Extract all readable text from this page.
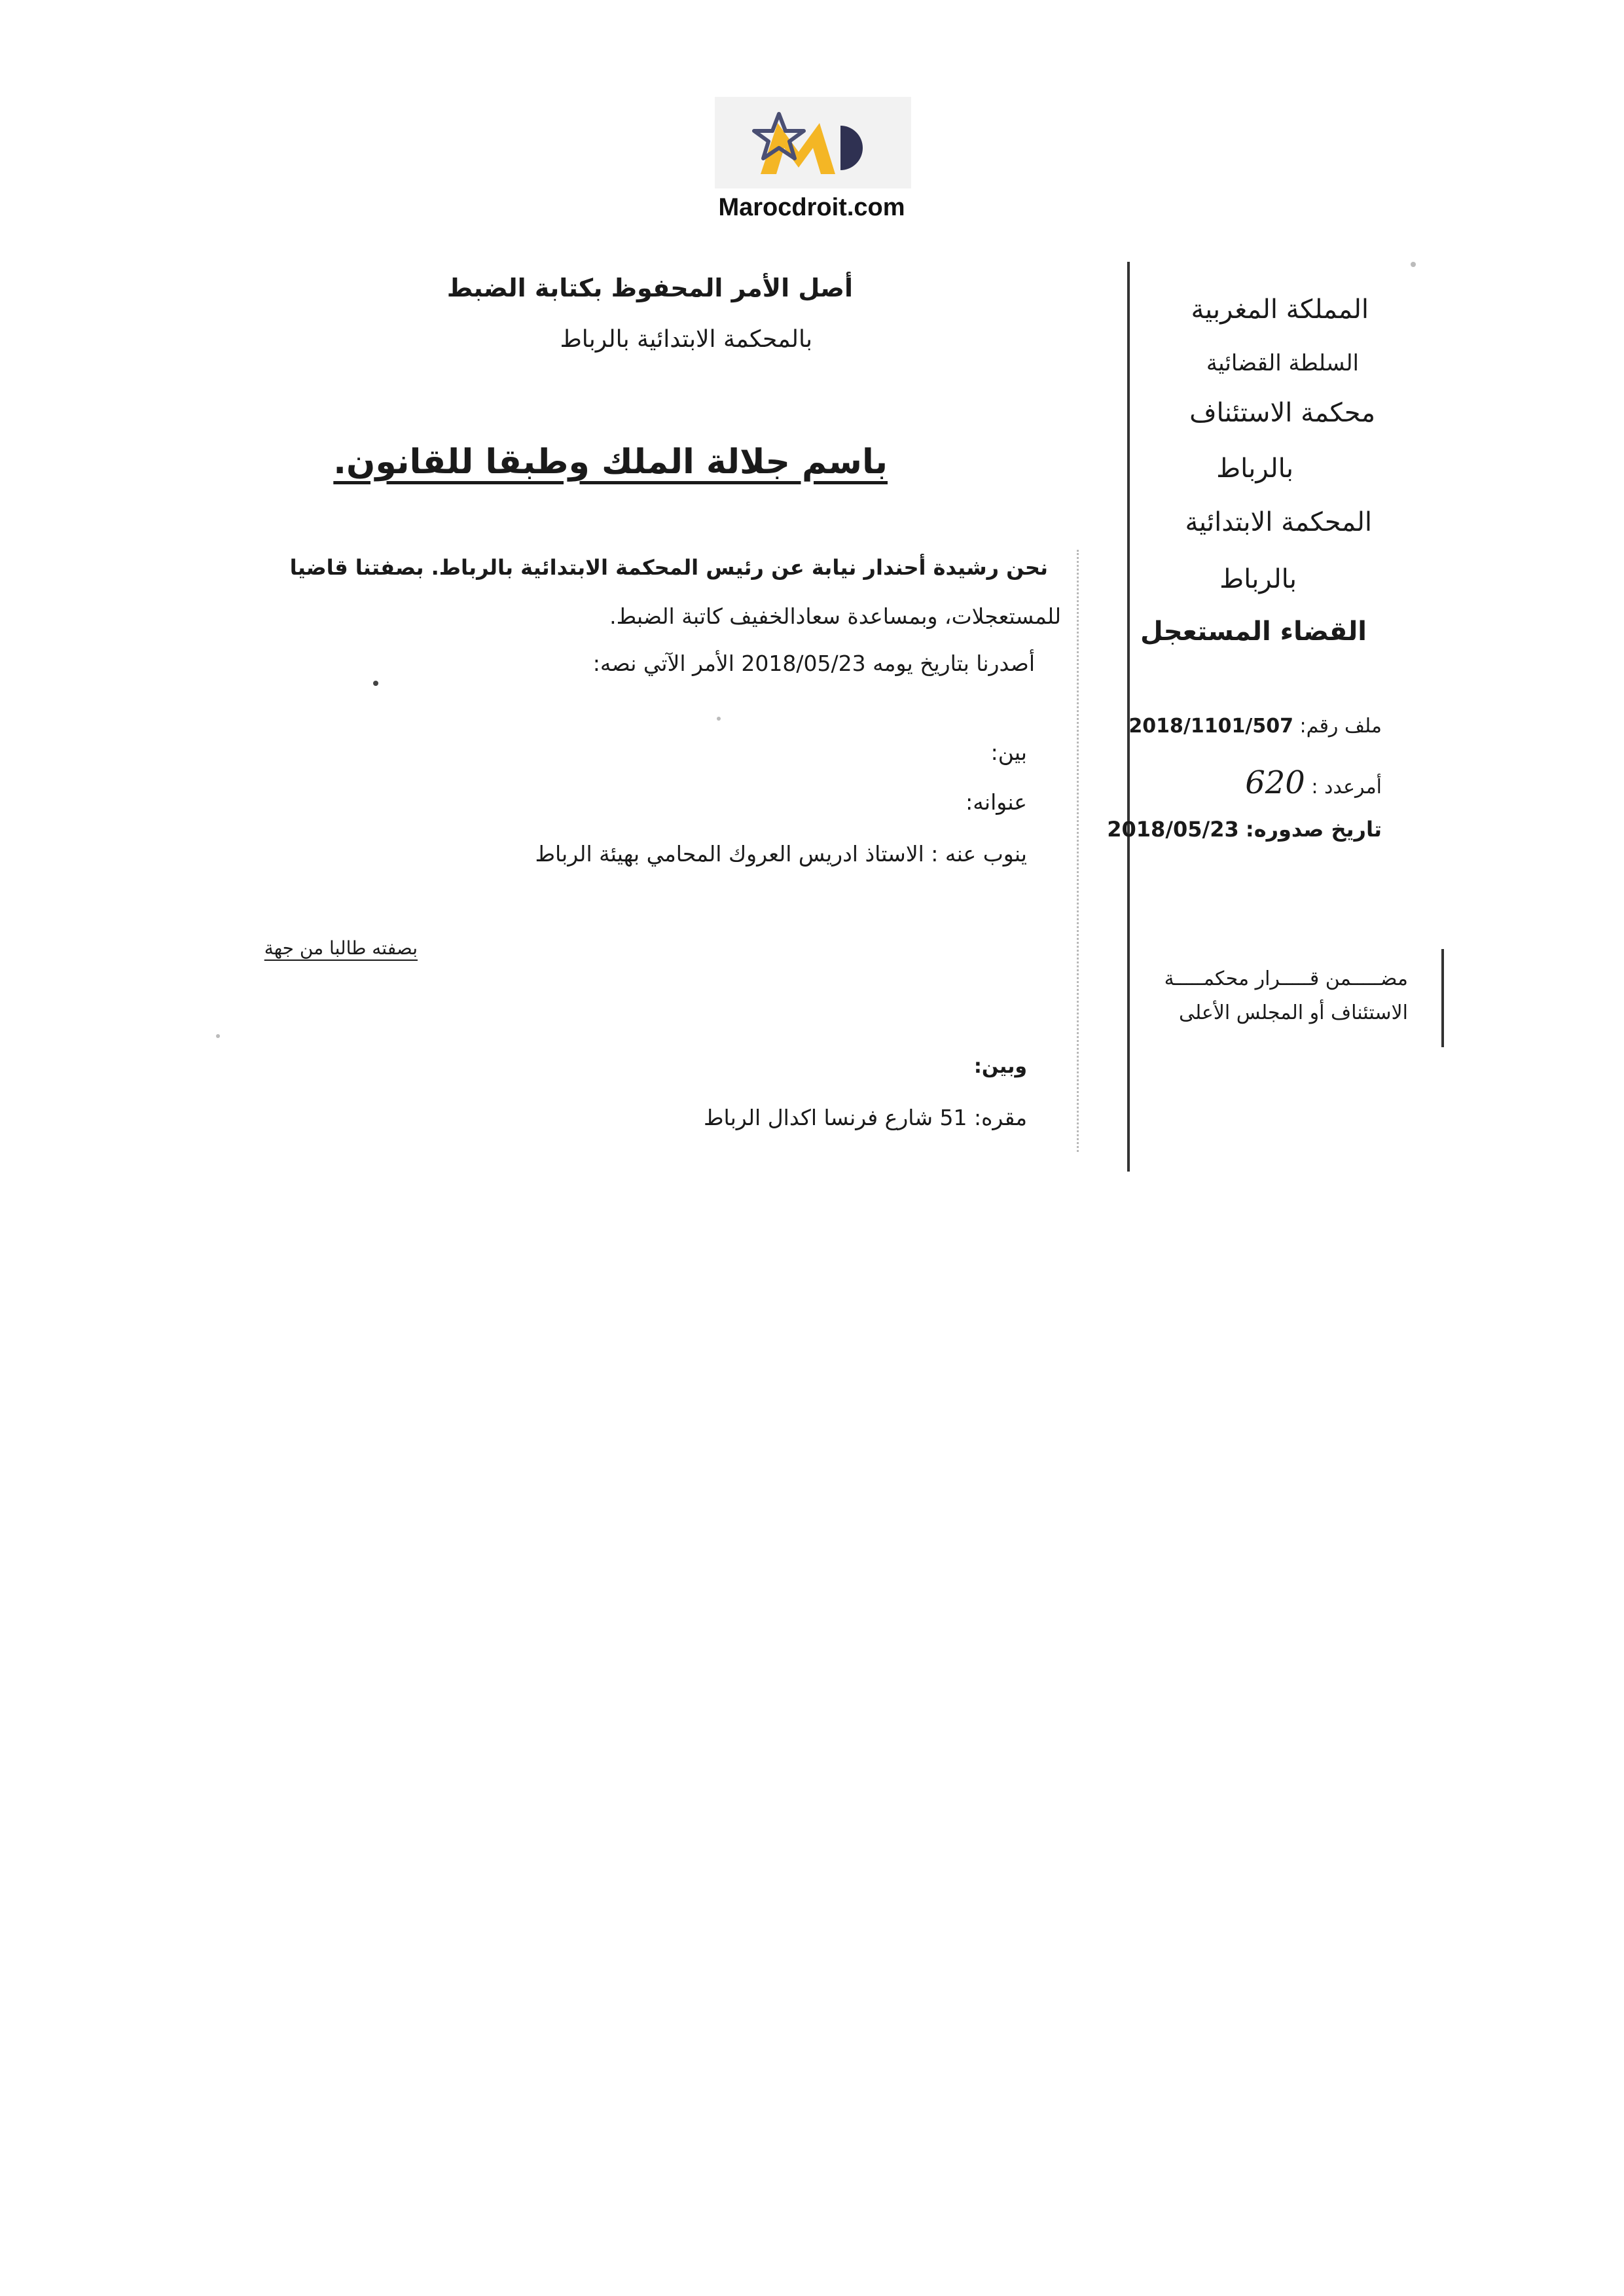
Marocdroit.com
المملكة المغربية
السلطة القضائية
محكمة الاستئناف
بالرباط
المحكمة الابتدائية
بالرباط
القضاء المستعجل
ملف رقم: 2018/1101/507
أمرعدد : 620
تاريخ صدوره: 2018/05/23
مضـــــمن قـــــرار محكمـــــة
الاستئناف أو المجلس الأعلى
أصل الأمر المحفوظ بكتابة الضبط
بالمحكمة الابتدائية بالرباط
باسم جلالة الملك وطبقا للقانون.
نحن رشيدة أحندار نيابة عن رئيس المحكمة الابتدائية بالرباط. بصفتنا قاضيا
للمستعجلات، وبمساعدة سعادالخفيف كاتبة الضبط.
أصدرنا بتاريخ يومه 2018/05/23 الأمر الآتي نصه:
بين:
عنوانه:
ينوب عنه : الاستاذ ادريس العروك المحامي بهيئة الرباط
بصفته طالبا من جهة
وبين:
مقره: 51 شارع فرنسا اكدال الرباط
